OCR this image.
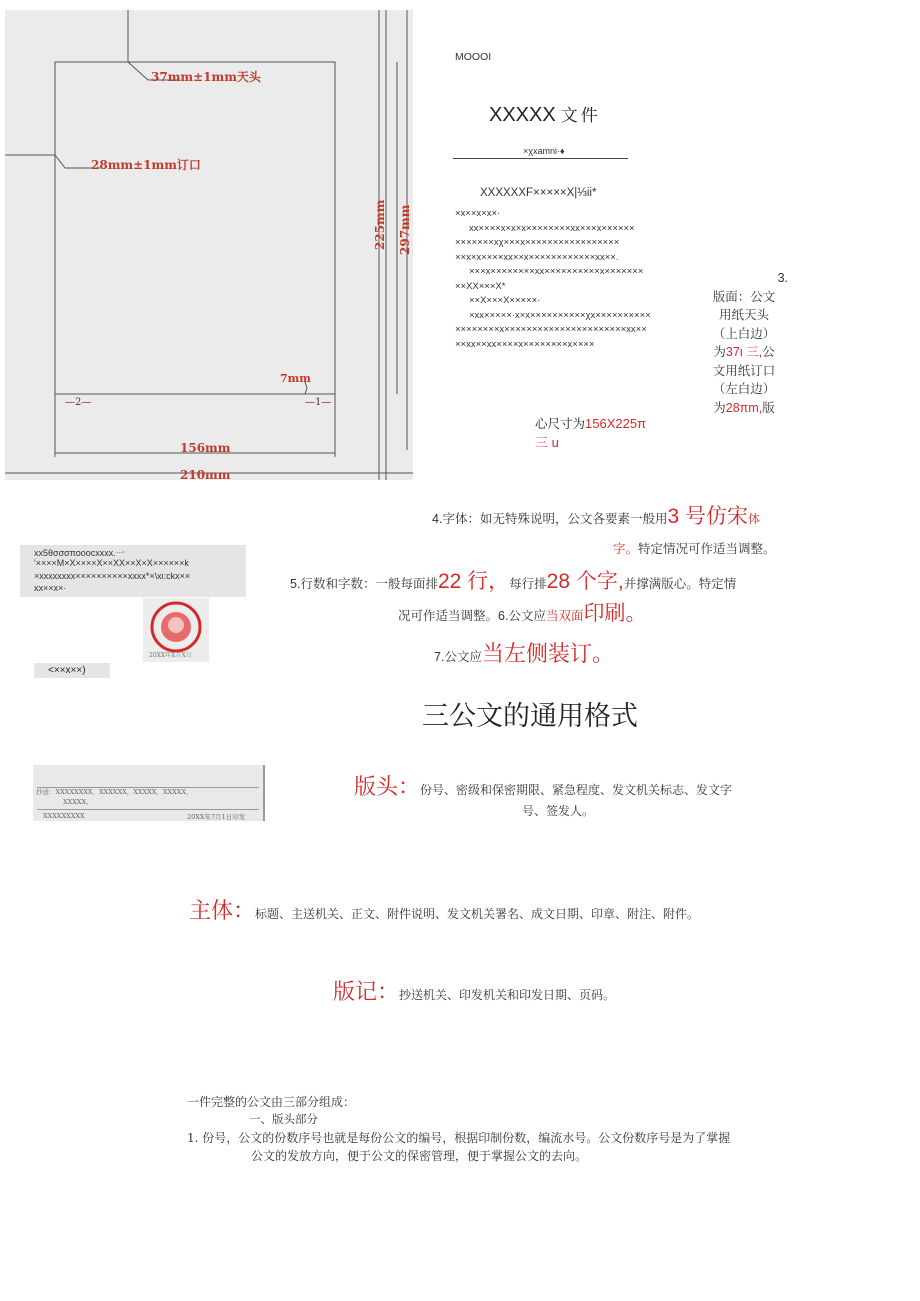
37mm±1mm天头
28mm±1mm订口
225mm 297mm
7mm
156mm
210mm
—2—	—1—
MOOOI
XXXXX 文件
×χxamni·♦
XXXXXXF×××××X|⅓ii*
×x××x×x×·
xx××××x×x×x××××××××xx×××x××××××
×××××××xχ×××x×××××××××××××××××
××x×x××××xx××x××××××××××××xx××.
×××x××××××××xx××××××××××x×××××××
××XX×××X*
××X×××X×××××·
×xx×××××·x×x××××××××××χx××××××××××
××××××××x××××××××××××××××××××××xx××
××xx××xx××××x××××××××x××××
3.
版面：公文
用纸天头
（上白边）
为37ι 三,公
文用纸订口
（左白边）
为28πm,版
心尺寸为156X225π
三 u
4.字体：如无特殊说明，公文各要素一般用3 号仿宋体
字。特定情况可作适当调整。
5.行数和字数：一般每面排22 行，每行排28 个字,并撑满版心。特定情
况可作适当调整。6.公文应当双面印刷。
7.公文应当左侧装订。
xx5θσσσποοοcxxxx.一
'××××M×X××××X××XX××X×X××××××k
×xxxxxxxx××××××××××xxxx*×\xι:ckx××
xx××x×·
20XX年X月X日
<××x××)
三公文的通用格式
抄送：XXXXXXXX，XXXXXX，XXXXX，XXXXX，
XXXXX。
XXXXXXXXX	20XX年7月1日印发
版头：份号、密级和保密期限、紧急程度、发文机关标志、发文字
号、签发人。
主体：标题、主送机关、正文、附件说明、发文机关署名、成文日期、印章、附注、附件。
版记：抄送机关、印发机关和印发日期、页码。
一件完整的公文由三部分组成：
一、版头部分
1. 份号，公文的份数序号也就是每份公文的编号，根据印制份数，编流水号。公文份数序号是为了掌握
公文的发放方向，便于公文的保密管理，便于掌握公文的去向。
